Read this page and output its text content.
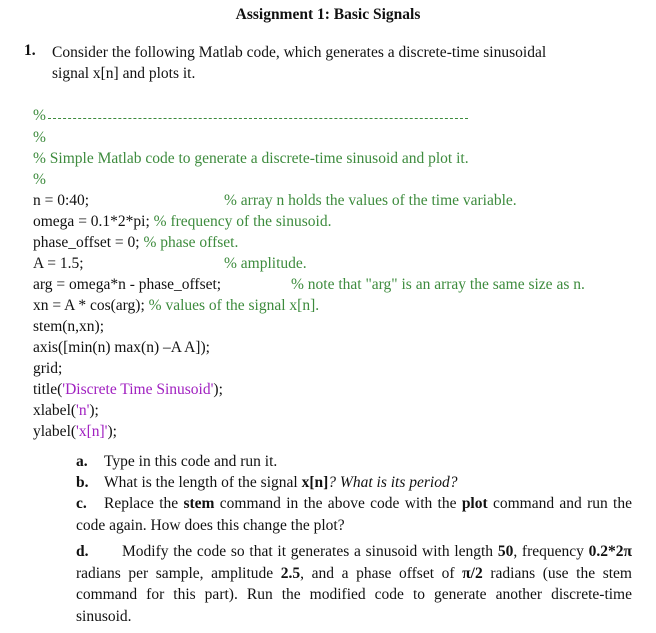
Assignment 1: Basic Signals
1. Consider the following Matlab code, which generates a discrete-time sinusoidal
signal x[n] and plots it.
%
%
% Simple Matlab code to generate a discrete-time sinusoid and plot it.
%
n = 0:40;	% array n holds the values of the time variable.
omega = 0.1*2*pi; % frequency of the sinusoid.
phase_offset = 0; % phase offset.
A = 1.5;	% amplitude.
arg = omega*n - phase_offset;	% note that "arg" is an array the same size as n.
xn = A * cos(arg); % values of the signal x[n].
stem(n,xn);
axis([min(n) max(n) –A A]);
grid;
title('Discrete Time Sinusoid');
xlabel('n');
ylabel('x[n]');
a. Type in this code and run it.
b. What is the length of the signal x[n]? What is its period?
c. Replace the stem command in the above code with the plot command and run the code again. How does this change the plot?
d. Modify the code so that it generates a sinusoid with length 50, frequency 0.2*2π radians per sample, amplitude 2.5, and a phase offset of π/2 radians (use the stem command for this part). Run the modified code to generate another discrete-time sinusoid.
